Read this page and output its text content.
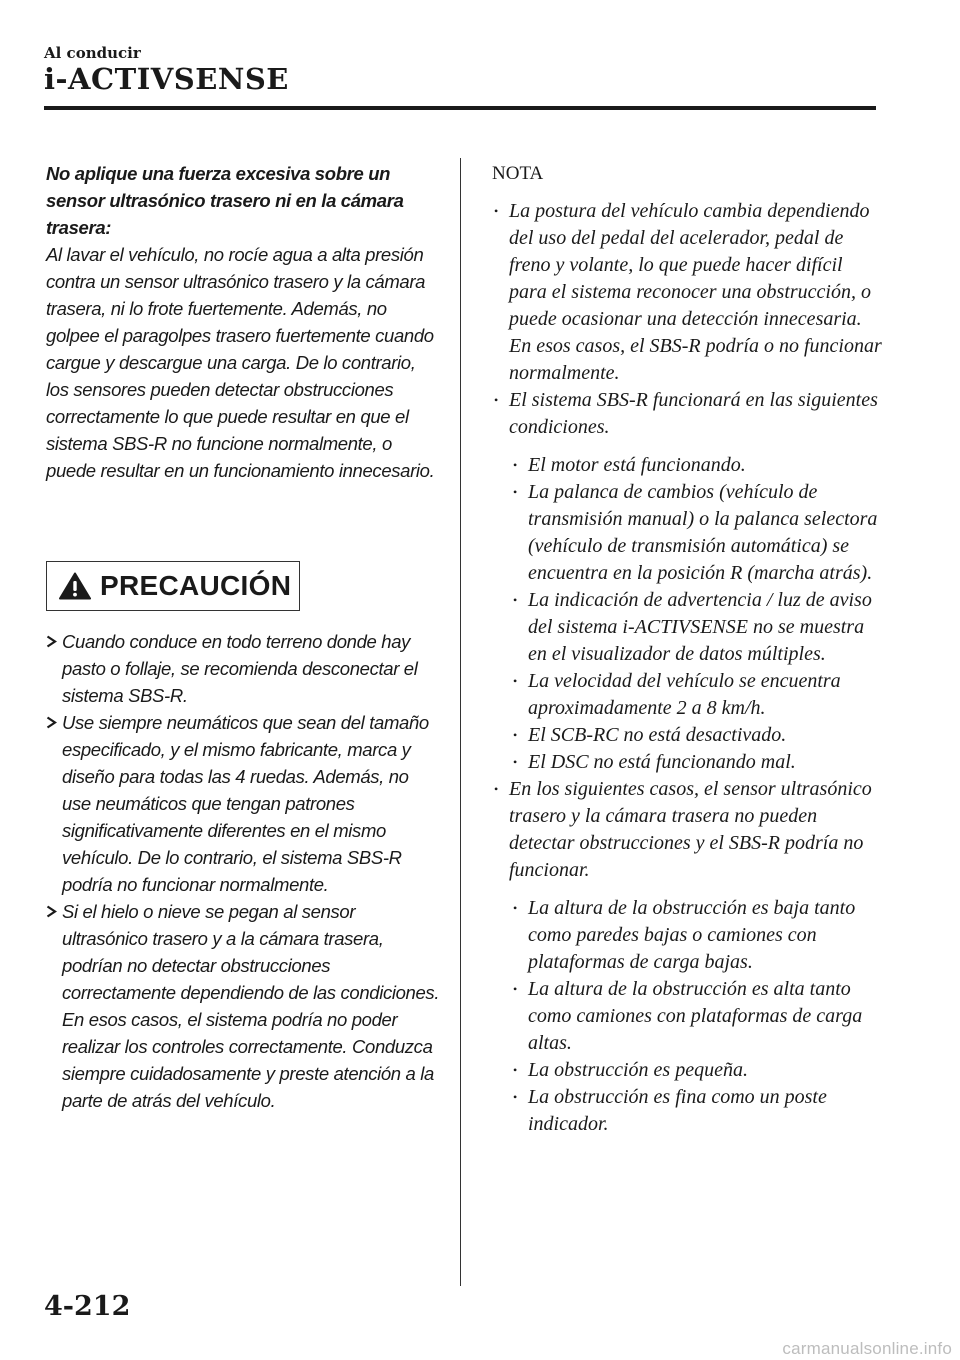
Al conducir
i-ACTIVSENSE

No aplique una fuerza excesiva sobre un sensor ultrasónico trasero ni en la cámara trasera:

Al lavar el vehículo, no rocíe agua a alta presión contra un sensor ultrasónico trasero y la cámara trasera, ni lo frote fuertemente. Además, no golpee el paragolpes trasero fuertemente cuando cargue y descargue una carga. De lo contrario, los sensores pueden detectar obstrucciones correctamente lo que puede resultar en que el sistema SBS-R no funcione normalmente, o puede resultar en un funcionamiento innecesario.

PRECAUCIÓN
Cuando conduce en todo terreno donde hay pasto o follaje, se recomienda desconectar el sistema SBS-R.
Use siempre neumáticos que sean del tamaño especificado, y el mismo fabricante, marca y diseño para todas las 4 ruedas. Además, no use neumáticos que tengan patrones significativamente diferentes en el mismo vehículo. De lo contrario, el sistema SBS-R podría no funcionar normalmente.
Si el hielo o nieve se pegan al sensor ultrasónico trasero y a la cámara trasera, podrían no detectar obstrucciones correctamente dependiendo de las condiciones. En esos casos, el sistema podría no poder realizar los controles correctamente. Conduzca siempre cuidadosamente y preste atención a la parte de atrás del vehículo.

NOTA

• La postura del vehículo cambia dependiendo del uso del pedal del acelerador, pedal de freno y volante, lo que puede hacer difícil para el sistema reconocer una obstrucción, o puede ocasionar una detección innecesaria. En esos casos, el SBS-R podría o no funcionar normalmente.

• El sistema SBS-R funcionará en las siguientes condiciones.

• El motor está funcionando.

• La palanca de cambios (vehículo de transmisión manual) o la palanca selectora (vehículo de transmisión automática) se encuentra en la posición R (marcha atrás).

• La indicación de advertencia / luz de aviso del sistema i-ACTIVSENSE no se muestra en el visualizador de datos múltiples.

• La velocidad del vehículo se encuentra aproximadamente 2 a 8 km/h.

• El SCB-RC no está desactivado.

• El DSC no está funcionando mal.

• En los siguientes casos, el sensor ultrasónico trasero y la cámara trasera no pueden detectar obstrucciones y el SBS-R podría no funcionar.

• La altura de la obstrucción es baja tanto como paredes bajas o camiones con plataformas de carga bajas.

• La altura de la obstrucción es alta tanto como camiones con plataformas de carga altas.

• La obstrucción es pequeña.

• La obstrucción es fina como un poste indicador.

4-212
carmanualsonline.info
